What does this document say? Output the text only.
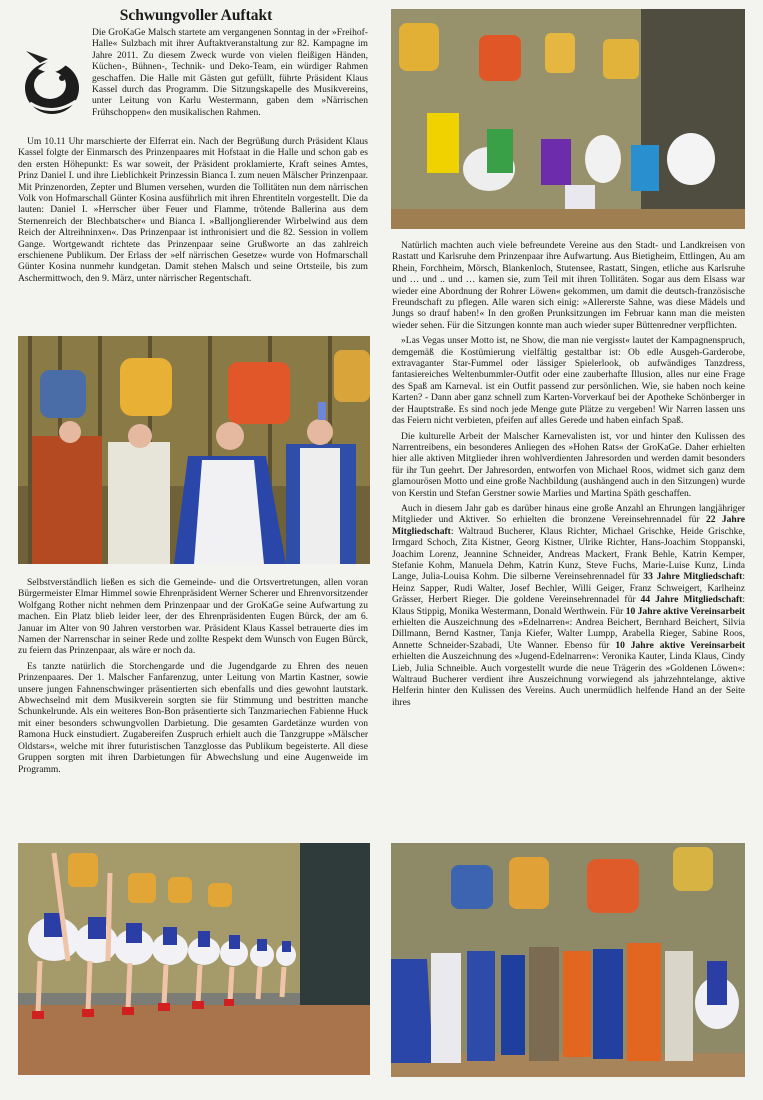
Schwungvoller Auftakt

Die GroKaGe Malsch startete am vergangenen Sonntag in der »Freihof-Halle« Sulzbach mit ihrer Auftaktveranstaltung zur 82. Kampagne im Jahre 2011. Zu diesem Zweck wurde von vielen fleißigen Händen, Küchen-, Bühnen-, Technik- und Deko-Team, ein würdiger Rahmen geschaffen. Die Halle mit Gästen gut gefüllt, führte Präsident Klaus Kassel durch das Programm. Die Sitzungskapelle des Musikvereins, unter Leitung von Karlu Westermann, gaben dem »Närrischen Frühschoppen« den musikalischen Rahmen.

Um 10.11 Uhr marschierte der Elferrat ein. Nach der Begrüßung durch Präsident Klaus Kassel folgte der Einmarsch des Prinzenpaares mit Hofstaat in die Halle und schon gab es den ersten Höhepunkt: Es war soweit, der Präsident proklamierte, Kraft seines Amtes, Prinz Daniel I. und ihre Lieblichkeit Prinzessin Bianca I. zum neuen Mälscher Prinzenpaar. Mit Prinzenorden, Zepter und Blumen versehen, wurden die Tollitäten nun dem närrischen Volk von Hofmarschall Günter Kosina ausführlich mit ihren Ehrentiteln vorgestellt. Die da lauten: Daniel I. »Herrscher über Feuer und Flamme, trötende Ballerina aus dem Sternenreich der Blechbatscher« und Bianca I. »Balljonglierender Wirbelwind aus dem Reich der Altreihninxen«. Das Prinzenpaar ist inthronisiert und die 82. Session in vollem Gange. Wortgewandt richtete das Prinzenpaar seine Grußworte an das zahlreich erschienene Publikum. Der Erlass der »elf närrischen Gesetze« wurde von Hofmarschall Günter Kosina nunmehr kundgetan. Damit stehen Malsch und seine Ortsteile, bis zum Aschermittwoch, den 9. März, unter närrischer Regentschaft.

Selbstverständlich ließen es sich die Gemeinde- und die Ortsvertretungen, allen voran Bürgermeister Elmar Himmel sowie Ehrenpräsident Werner Scherer und Ehrenvorsitzender Wolfgang Rother nicht nehmen dem Prinzenpaar und der GroKaGe seine Aufwartung zu machen. Ein Platz blieb leider leer, der des Ehrenpräsidenten Eugen Bürck, der am 6. Januar im Alter von 90 Jahren verstorben war. Präsident Klaus Kassel betrauerte dies im Namen der Narrenschar in seiner Rede und zollte Respekt dem Wunsch von Eugen Bürck, zu feiern das Prinzenpaar, als wäre er noch da.

Es tanzte natürlich die Storchengarde und die Jugendgarde zu Ehren des neuen Prinzenpaares. Der 1. Malscher Fanfarenzug, unter Leitung von Martin Kastner, sowie unsere jungen Fahnenschwinger präsentierten sich ebenfalls und dies gewohnt lautstark. Abwechselnd mit dem Musikverein sorgten sie für Stimmung und bestritten manche Schunkelrunde. Als ein weiteres Bon-Bon präsentierte sich Tanzmariechen Fabienne Huck mit einer besonders schwungvollen Darbietung. Die gesamten Gardetänze wurden von Ramona Huck einstudiert. Zugabereifen Zuspruch erhielt auch die Tanzgruppe »Mälscher Oldstars«, welche mit ihrer futuristischen Tanzglosse das Publikum begeisterte. All diese Gruppen sorgten mit ihren Darbietungen für Abwechslung und eine Augenweide im Programm.

Natürlich machten auch viele befreundete Vereine aus den Stadt- und Landkreisen von Rastatt und Karlsruhe dem Prinzenpaar ihre Aufwartung. Aus Bietigheim, Ettlingen, Au am Rhein, Forchheim, Mörsch, Blankenloch, Stutensee, Rastatt, Singen, etliche aus Karlsruhe und … und .. und … kamen sie, zum Teil mit ihren Tollitäten. Sogar aus dem Elsass war wieder eine Abordnung der Rohrer Löwen« gekommen, um damit die deutsch-französische Freundschaft zu pflegen. Alle waren sich einig: »Allererste Sahne, was diese Mädels und Jungs so drauf haben!« In den großen Prunksitzungen im Februar kann man die meisten wieder sehen. Für die Sitzungen konnte man auch wieder super Büttenredner verpflichten.

»Las Vegas unser Motto ist, ne Show, die man nie vergisst« lautet der Kampagnenspruch, demgemäß die Kostümierung vielfältig gestaltbar ist: Ob edle Ausgeh-Garderobe, extravaganter Star-Fummel oder lässiger Spielerlook, ob aufwändiges Tanzdress, fantasiereiches Weltenbummler-Outfit oder eine zauberhafte Illusion, alles nur eine Frage des Spaß am Karneval. ist ein Outfit passend zur persönlichen. Wie, sie haben noch keine Karten? - Dann aber ganz schnell zum Karten-Vorverkauf bei der Apotheke Schönberger in der Hauptstraße. Es sind noch jede Menge gute Plätze zu vergeben! Wir Narren lassen uns das Feiern nicht verbieten, pfeifen auf alles Gerede und haben einfach Spaß.

Die kulturelle Arbeit der Malscher Karnevalisten ist, vor und hinter den Kulissen des Narrentreibens, ein besonderes Anliegen des »Hohen Rats« der GroKaGe. Daher erhielten hier alle aktiven Mitglieder ihren wohlverdienten Jahresorden und werden damit besonders für ihr Tun geehrt. Der Jahresorden, entworfen von Michael Roos, widmet sich ganz dem glamourösen Motto und eine große Nachbildung (aushängend auch in den Sitzungen) wurde von Kerstin und Stefan Gerstner sowie Marlies und Martina Späth geschaffen.

Auch in diesem Jahr gab es darüber hinaus eine große Anzahl an Ehrungen langjähriger Mitglieder und Aktiver. So erhielten die bronzene Vereinsehrennadel für 22 Jahre Mitgliedschaft: Waltraud Bucherer, Klaus Richter, Michael Grischke, Heide Grischke, Irmgard Schoch, Zita Kistner, Georg Kistner, Ulrike Richter, Hans-Joachim Stoppanski, Joachim Lorenz, Jeannine Schneider, Andreas Mackert, Frank Behle, Katrin Kemper, Stefanie Kohm, Manuela Dehm, Katrin Kunz, Steve Fuchs, Marie-Luise Kunz, Linda Lange, Julia-Louisa Kohm. Die silberne Vereinsehrennadel für 33 Jahre Mitgliedschaft: Heinz Sapper, Rudi Walter, Josef Bechler, Willi Geiger, Franz Schweigert, Karlheinz Grässer, Herbert Rieger. Die goldene Vereinsehrennadel für 44 Jahre Mitgliedschaft: Klaus Stippig, Monika Westermann, Donald Werthwein. Für 10 Jahre aktive Vereinsarbeit erhielten die Auszeichnung des »Edelnarren«: Andrea Beichert, Bernhard Beichert, Silvia Dillmann, Bernd Kastner, Tanja Kiefer, Walter Lumpp, Arabella Rieger, Sabine Roos, Annette Schneider-Szabadi, Ute Wanner. Ebenso für 10 Jahre aktive Vereinsarbeit erhielten die Auszeichnung des »Jugend-Edelnarren«: Veronika Kauter, Linda Klaus, Cindy Lieb, Julia Schneible. Auch vorgestellt wurde die neue Trägerin des »Goldenen Löwen«: Waltraud Bucherer verdient ihre Auszeichnung vorwiegend als jahrzehntelange, aktive Helferin hinter den Kulissen des Vereins. Auch unermüdlich helfende Hand an der Seite ihres
